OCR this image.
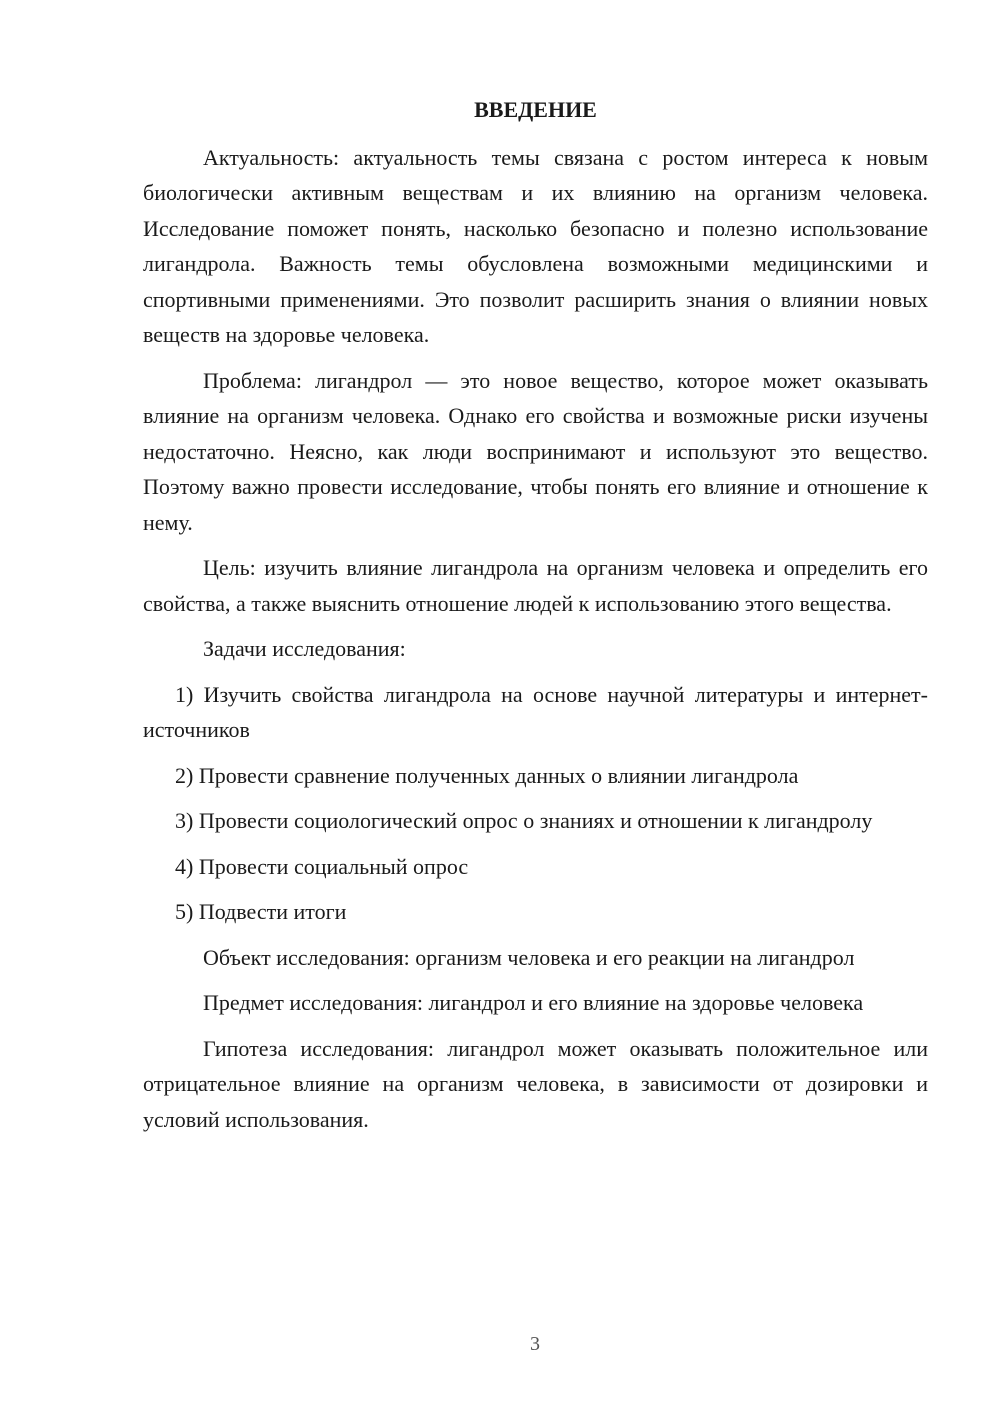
ВВЕДЕНИЕ

Актуальность: актуальность темы связана с ростом интереса к новым биологически активным веществам и их влиянию на организм человека. Исследование поможет понять, насколько безопасно и полезно использование лигандрола. Важность темы обусловлена возможными медицинскими и спортивными применениями. Это позволит расширить знания о влиянии новых веществ на здоровье человека.

Проблема: лигандрол — это новое вещество, которое может оказывать влияние на организм человека. Однако его свойства и возможные риски изучены недостаточно. Неясно, как люди воспринимают и используют это вещество. Поэтому важно провести исследование, чтобы понять его влияние и отношение к нему.

Цель: изучить влияние лигандрола на организм человека и определить его свойства, а также выяснить отношение людей к использованию этого вещества.

Задачи исследования:

1) Изучить свойства лигандрола на основе научной литературы и интернет-источников

2) Провести сравнение полученных данных о влиянии лигандрола

3) Провести социологический опрос о знаниях и отношении к лигандролу

4) Провести социальный опрос

5) Подвести итоги

Объект исследования: организм человека и его реакции на лигандрол

Предмет исследования: лигандрол и его влияние на здоровье человека

Гипотеза исследования: лигандрол может оказывать положительное или отрицательное влияние на организм человека, в зависимости от дозировки и условий использования.

3
